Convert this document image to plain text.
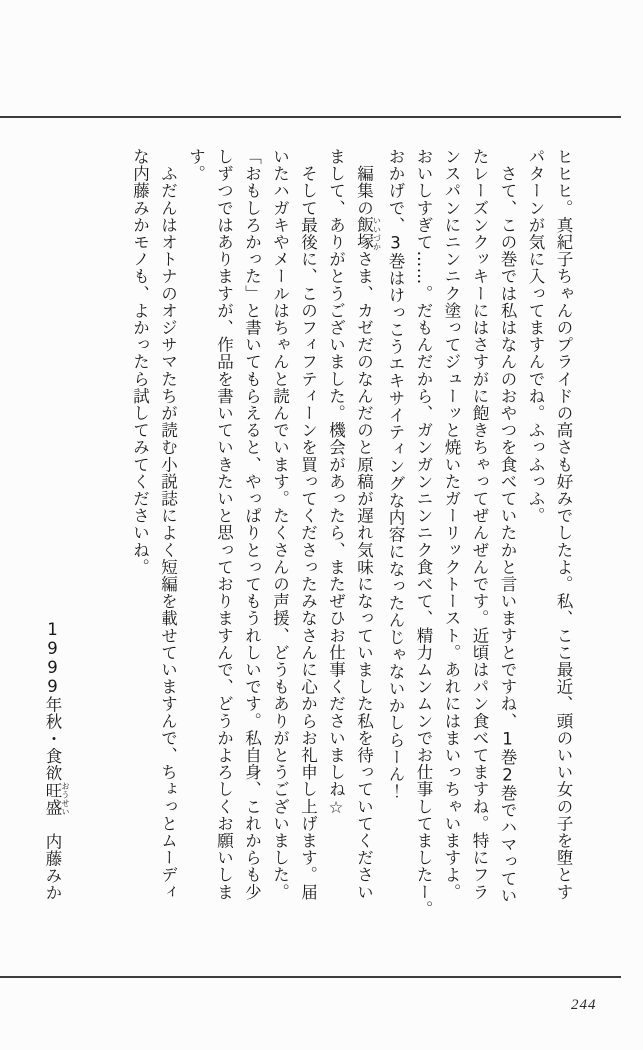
ヒヒヒ。真紀子ちゃんのプライドの高さも好みでしたよ。私、ここ最近、頭のいい女の子を堕とす

パターンが気に入ってますんでね。ふっふっふ。

　さて、この巻では私はなんのおやつを食べていたかと言いますとですね、1巻2巻でハマってい

たレーズンクッキーにはさすがに飽きちゃってぜんぜんです。近頃はパン食べてますね。特にフラ

ンスパンにニンニク塗ってジューッと焼いたガーリックトースト。あれにはまいっちゃいますよ。

おいしすぎて……。だもんだから、ガンガンニンニク食べて、精力ムンムンでお仕事してましたー。

おかげで、3巻はけっこうエキサイティングな内容になったんじゃないかしらーん！

　編集の飯塚 いいづかさま、カゼだのなんだのと原稿が遅れ気味になっていました私を待っていてください

まして、ありがとうございました。機会があったら、またぜひお仕事くださいましね☆

　そして最後に、このフィフティーンを買ってくださったみなさんに心からお礼申し上げます。届

いたハガキやメールはちゃんと読んでいます。たくさんの声援、どうもありがとうございました。

「おもしろかった」と書いてもらえると、やっぱりとってもうれしいです。私自身、これからも少

しずつではありますが、作品を書いていきたいと思っておりますんで、どうかよろしくお願いしま

す。

　ふだんはオトナのオジサマたちが読む小説誌によく短編を載せていますんで、ちょっとムーディ

な内藤みかモノも、よかったら試してみてくださいね。

1999年秋・食欲旺盛 おうせい　内藤みか

244
